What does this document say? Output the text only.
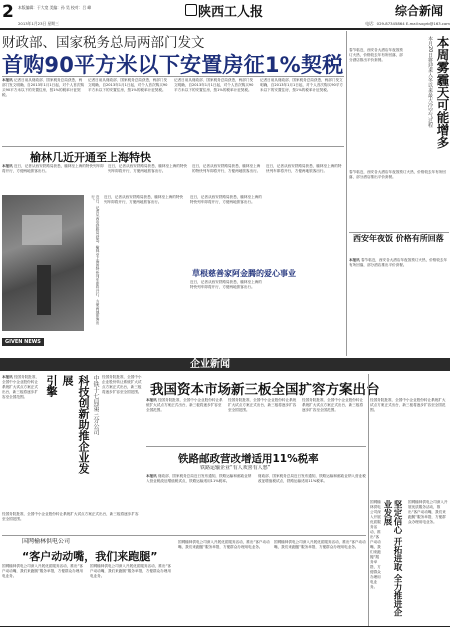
2 本版编辑：于大宽 美编：孙 昊 校对：吕 峰	陕西工人报	综合新闻
2013年1月23日 星期三	电话：029-87345864 E-mail:sxgrb@163.com
财政部、国家税务总局两部门发文
首购90平方米以下安置房征1%契税
本报讯 记者日前从财政部、国家税务总局获悉，两部门发文明确，自2013年1月1日起，对个人首次购买90平方米以下的安置住房，按1%的税率计征契税。
记者日前从财政部、国家税务总局获悉，两部门发文明确，自2013年1月1日起，对个人首次购买90平方米以下的安置住房，按1%的税率计征契税。
记者日前从财政部、国家税务总局获悉，两部门发文明确，自2013年1月1日起，对个人首次购买90平方米以下的安置住房，按1%的税率计征契税。
记者日前从财政部、国家税务总局获悉，两部门发文明确，自2013年1月1日起，对个人首次购买90平方米以下的安置住房，按1%的税率计征契税。
春节临近，西安各大酒店年夜饭预订火热，价格较去年有所回落，部分酒店推出平价套餐。	本周雾霾天可能增多
本月20日将迎来入冬以来最大冷空气过程
春节临近，西安各大酒店年夜饭预订火热，价格较去年有所回落，部分酒店推出平价套餐。
西安年夜饭 价格有所回落
本报讯 春节临近，西安各大酒店年夜饭预订火热，价格较去年有所回落，部分酒店推出平价套餐。
榆林几近开通至上海特快
本报讯 近日，记者从西安铁路局获悉，榆林至上海的特快列车即将开行，方便两地旅客出行。
近日，记者从西安铁路局获悉，榆林至上海的特快列车即将开行，方便两地旅客出行。
近日，记者从西安铁路局获悉，榆林至上海的特快列车即将开行，方便两地旅客出行。
近日，记者从西安铁路局获悉，榆林至上海的特快列车即将开行，方便两地旅客出行。	近日，记者从西安铁路局获悉，榆林至上海的特快列车即将开行，方便两地旅客出行。
近日，记者从西安铁路局获悉，榆林至上海的特快列车即将开行，方便两地旅客出行。
草根慈善家阿金腾的爱心事业
近日，记者从西安铁路局获悉，榆林至上海的特快列车即将开行，方便两地旅客出行。
近日，记者从西安铁路局获悉，榆林至上海的特快列车即将开行，方便两地旅客出行。
GIVEN NEWS
企业新闻
本报讯 经国务院批准，全国中小企业股份转让系统扩大试点方案正式出台，新三板将逐步扩容至全国范围。	中铁十七局第三分公司
科技创新助推企业发展
引擎	经国务院批准，全国中小企业股份转让系统扩大试点方案正式出台，新三板将逐步扩容至全国范围。
经国务院批准，全国中小企业股份转让系统扩大试点方案正式出台，新三板将逐步扩容至全国范围。
我国资本市场新三板全国扩容方案出台
本报讯 经国务院批准，全国中小企业股份转让系统扩大试点方案正式出台，新三板将逐步扩容至全国范围。
经国务院批准，全国中小企业股份转让系统扩大试点方案正式出台，新三板将逐步扩容至全国范围。
经国务院批准，全国中小企业股份转让系统扩大试点方案正式出台，新三板将逐步扩容至全国范围。
经国务院批准，全国中小企业股份转让系统扩大试点方案正式出台，新三板将逐步扩容至全国范围。
铁路邮政营改增适用11%税率
铁路运输企业“有人欢喜有人愁”
本报讯 财政部、国家税务总局近日发布通知，铁路运输和邮政业纳入营业税改征增值税试点，铁路运输适用11%税率。
财政部、国家税务总局近日发布通知，铁路运输和邮政业纳入营业税改征增值税试点，铁路运输适用11%税率。
国网榆林供电公司
“客户动动嘴，我们来跑腿”
国网榆林供电公司深入开展优质服务活动，推出“客户动动嘴，我们来跑腿”服务举措，方便群众办理用电业务。
国网榆林供电公司深入开展优质服务活动，推出“客户动动嘴，我们来跑腿”服务举措，方便群众办理用电业务。
国网榆林供电公司深入开展优质服务活动，推出“客户动动嘴，我们来跑腿”服务举措，方便群众办理用电业务。
国网榆林供电公司深入开展优质服务活动，推出“客户动动嘴，我们来跑腿”服务举措，方便群众办理用电业务。	坚定信心 开拓进取 全力推进企业发展	国网榆林供电公司深入开展优质服务活动，推出“客户动动嘴，我们来跑腿”服务举措，方便群众办理用电业务。
国网榆林供电公司深入开展优质服务活动，推出“客户动动嘴，我们来跑腿”服务举措，方便群众办理用电业务。
